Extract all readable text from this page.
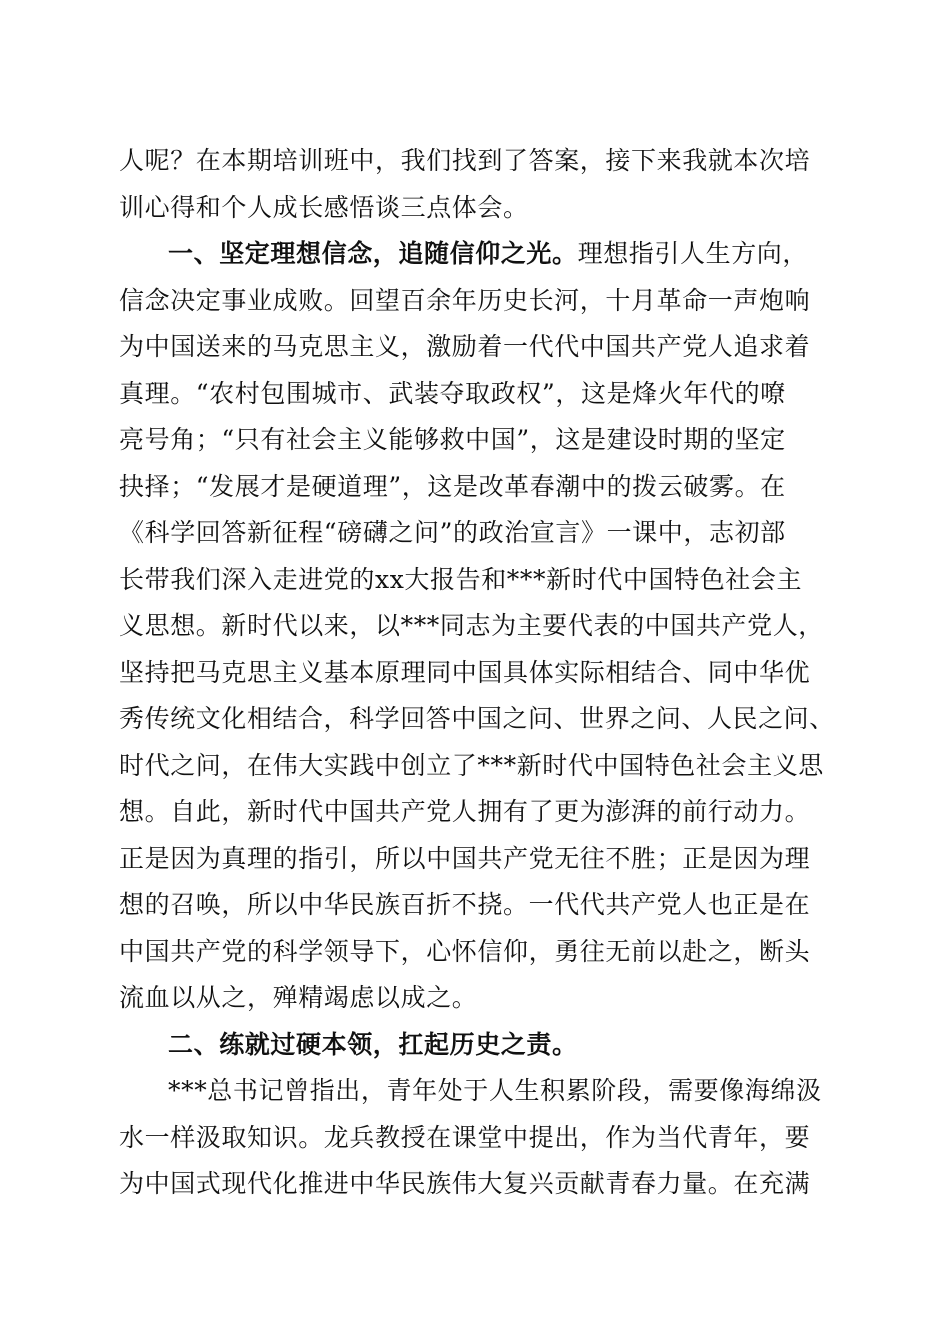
人呢？在本期培训班中，我们找到了答案，接下来我就本次培
训心得和个人成长感悟谈三点体会。
一、坚定理想信念，追随信仰之光。理想指引人生方向，
信念决定事业成败。回望百余年历史长河，十月革命一声炮响
为中国送来的马克思主义，激励着一代代中国共产党人追求着
真理。“农村包围城市、武装夺取政权”，这是烽火年代的嘹
亮号角；“只有社会主义能够救中国”，这是建设时期的坚定
抉择；“发展才是硬道理”，这是改革春潮中的拨云破雾。在
《科学回答新征程“磅礴之问”的政治宣言》一课中，志初部
长带我们深入走进党的xx大报告和***新时代中国特色社会主
义思想。新时代以来，以***同志为主要代表的中国共产党人，
坚持把马克思主义基本原理同中国具体实际相结合、同中华优
秀传统文化相结合，科学回答中国之问、世界之问、人民之问、
时代之问，在伟大实践中创立了***新时代中国特色社会主义思
想。自此，新时代中国共产党人拥有了更为澎湃的前行动力。
正是因为真理的指引，所以中国共产党无往不胜；正是因为理
想的召唤，所以中华民族百折不挠。一代代共产党人也正是在
中国共产党的科学领导下，心怀信仰，勇往无前以赴之，断头
流血以从之，殚精竭虑以成之。
二、练就过硬本领，扛起历史之责。
***总书记曾指出，青年处于人生积累阶段，需要像海绵汲
水一样汲取知识。龙兵教授在课堂中提出，作为当代青年，要
为中国式现代化推进中华民族伟大复兴贡献青春力量。在充满
